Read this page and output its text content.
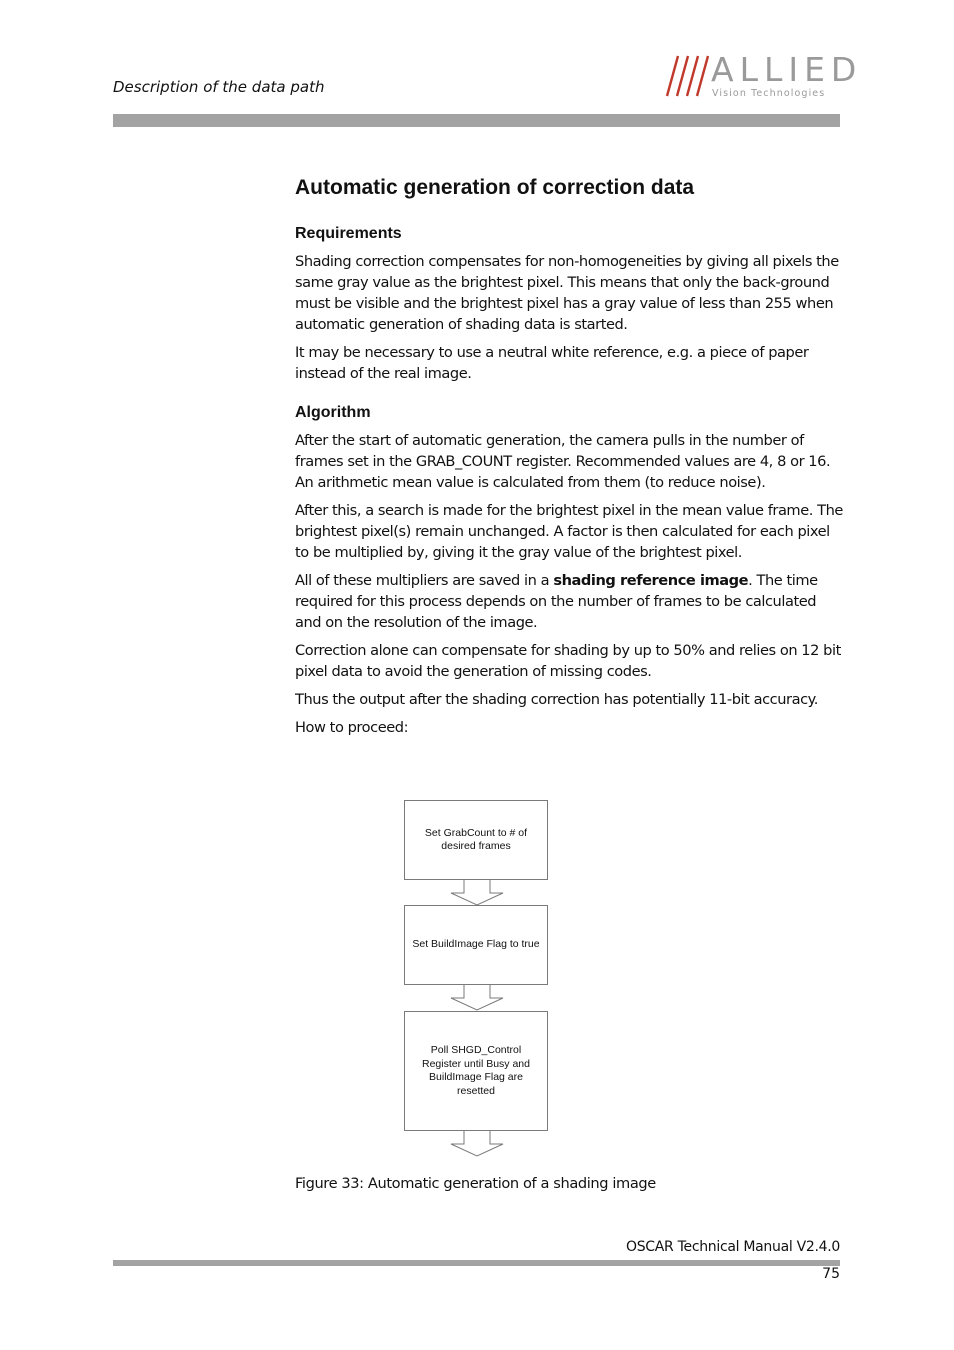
Description of the data path	ALLIED
Vision Technologies
Automatic generation of correction data
Requirements

Shading correction compensates for non-homogeneities by giving all pixels the same gray value as the brightest pixel. This means that only the back-ground must be visible and the brightest pixel has a gray value of less than 255 when automatic generation of shading data is started.

It may be necessary to use a neutral white reference, e.g. a piece of paper instead of the real image.

Algorithm

After the start of automatic generation, the camera pulls in the number of frames set in the GRAB_COUNT register. Recommended values are 4, 8 or 16. An arithmetic mean value is calculated from them (to reduce noise).

After this, a search is made for the brightest pixel in the mean value frame. The brightest pixel(s) remain unchanged. A factor is then calculated for each pixel to be multiplied by, giving it the gray value of the brightest pixel.

All of these multipliers are saved in a shading reference image. The time required for this process depends on the number of frames to be calculated and on the resolution of the image.

Correction alone can compensate for shading by up to 50% and relies on 12 bit pixel data to avoid the generation of missing codes.

Thus the output after the shading correction has potentially 11-bit accuracy.

How to proceed:

Set GrabCount to # of desired frames
Set BuildImage Flag to true
Poll SHGD_Control Register until Busy and BuildImage Flag are resetted
Figure 33: Automatic generation of a shading image
OSCAR Technical Manual V2.4.0
75
